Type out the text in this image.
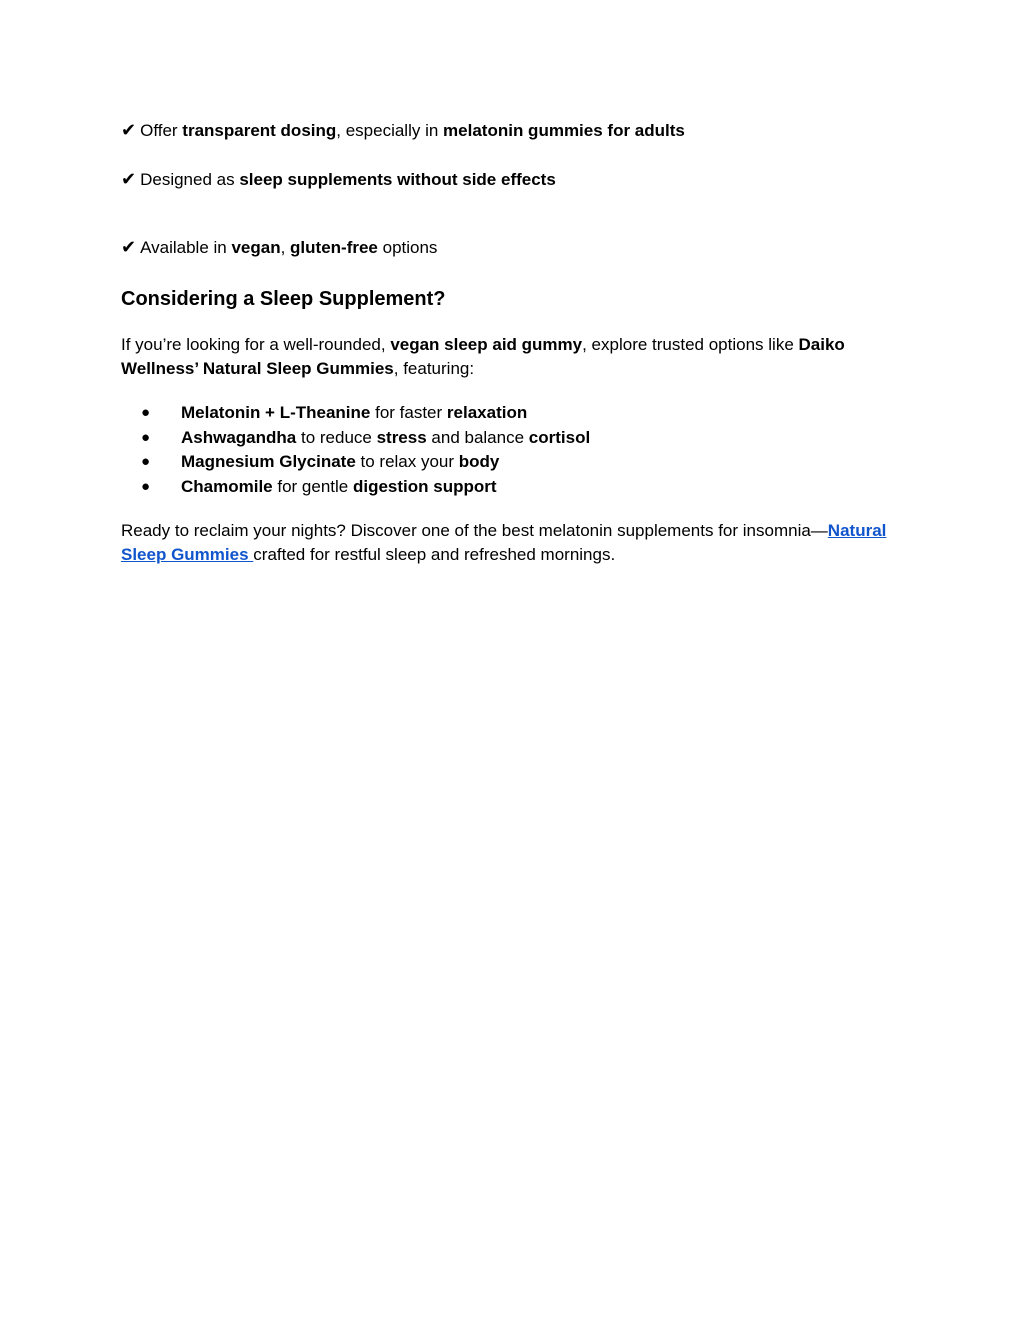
✔ Offer transparent dosing, especially in melatonin gummies for adults
✔ Designed as sleep supplements without side effects
✔ Available in vegan, gluten-free options
Considering a Sleep Supplement?

If you’re looking for a well-rounded, vegan sleep aid gummy, explore trusted options like Daiko Wellness’ Natural Sleep Gummies, featuring:

● Melatonin + L-Theanine for faster relaxation
● Ashwagandha to reduce stress and balance cortisol
● Magnesium Glycinate to relax your body
● Chamomile for gentle digestion support

Ready to reclaim your nights? Discover one of the best melatonin supplements for insomnia—Natural Sleep Gummies crafted for restful sleep and refreshed mornings.
